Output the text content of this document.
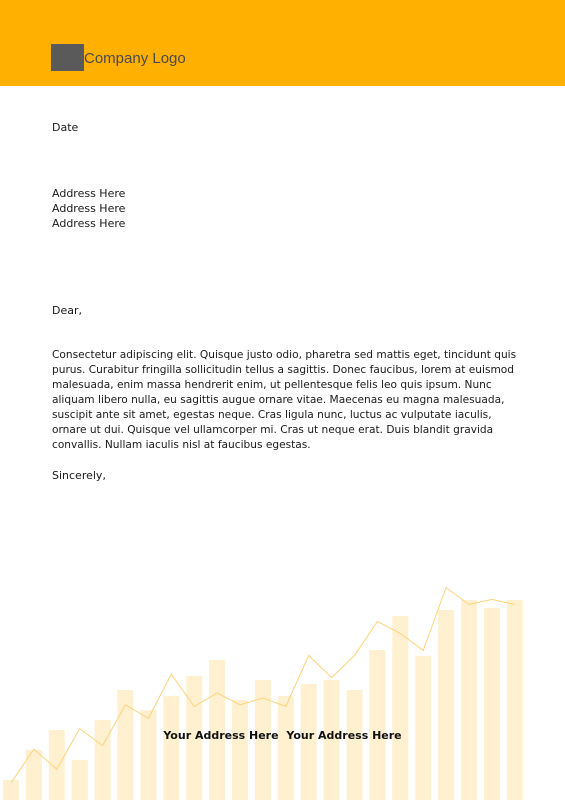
Company Logo
Date
Address Here
Address Here
Address Here
Dear,
Consectetur adipiscing elit. Quisque justo odio, pharetra sed mattis eget, tincidunt quis purus. Curabitur fringilla sollicitudin tellus a sagittis. Donec faucibus, lorem at euismod malesuada, enim massa hendrerit enim, ut pellentesque felis leo quis ipsum. Nunc aliquam libero nulla, eu sagittis augue ornare vitae. Maecenas eu magna malesuada, suscipit ante sit amet, egestas neque. Cras ligula nunc, luctus ac vulputate iaculis, ornare ut dui. Quisque vel ullamcorper mi. Cras ut neque erat. Duis blandit gravida convallis. Nullam iaculis nisl at faucibus egestas.
Sincerely,
Your Address Here Your Address Here
